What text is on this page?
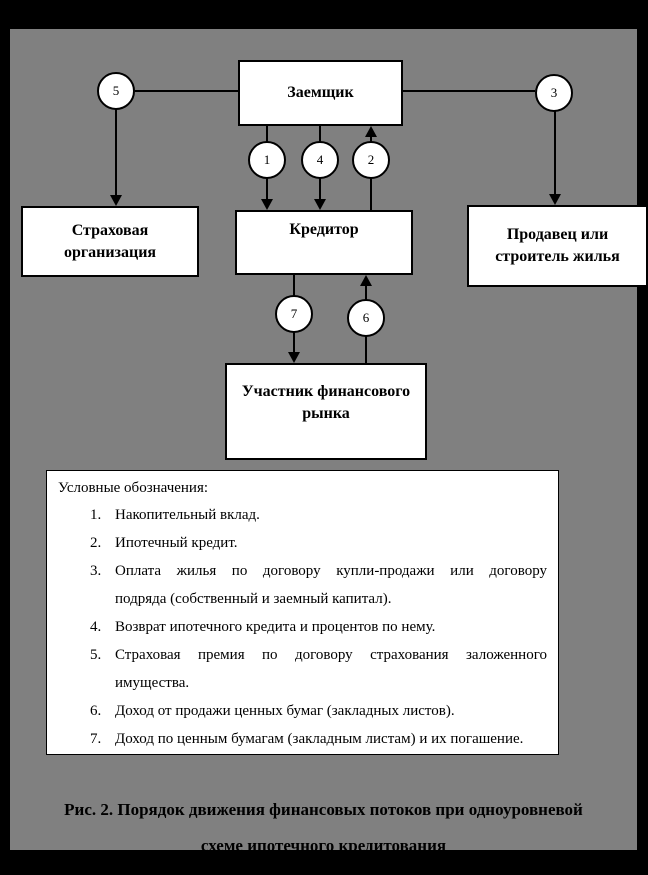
Заемщик
Страховая
организация
Кредитор	Продавец или
строитель жилья
Участник финансового
рынка
5	3
1	4	2
7	6
Условные обозначения:
1. Накопительный вклад.
2. Ипотечный кредит.
3. Оплата жилья по договору купли-продажи или договору
подряда (собственный и заемный капитал).
4. Возврат ипотечного кредита и процентов по нему.
5. Страховая премия по договору страхования заложенного
имущества.
6. Доход от продажи ценных бумаг (закладных листов).
7. Доход по ценным бумагам (закладным листам) и их погашение.
Рис. 2. Порядок движения финансовых потоков при одноуровневой
схеме ипотечного кредитования
